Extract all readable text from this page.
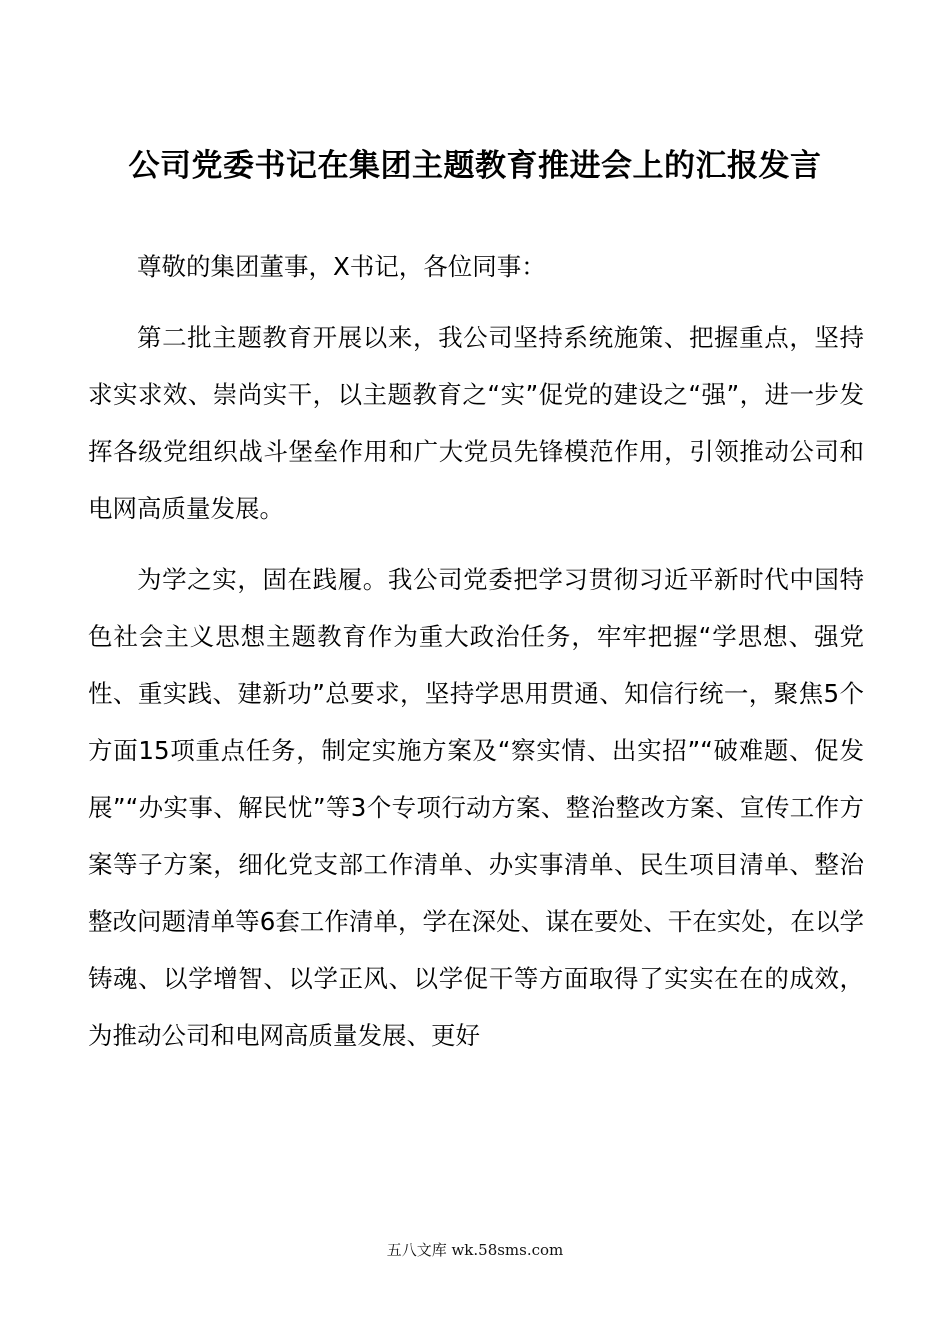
公司党委书记在集团主题教育推进会上的汇报发言

尊敬的集团董事，X书记，各位同事：

第二批主题教育开展以来，我公司坚持系统施策、把握重点，坚持求实求效、崇尚实干，以主题教育之“实”促党的建设之“强”，进一步发挥各级党组织战斗堡垒作用和广大党员先锋模范作用，引领推动公司和电网高质量发展。

为学之实，固在践履。我公司党委把学习贯彻习近平新时代中国特色社会主义思想主题教育作为重大政治任务，牢牢把握“学思想、强党性、重实践、建新功”总要求，坚持学思用贯通、知信行统一，聚焦5个方面15项重点任务，制定实施方案及“察实情、出实招”“破难题、促发展”“办实事、解民忧”等3个专项行动方案、整治整改方案、宣传工作方案等子方案，细化党支部工作清单、办实事清单、民生项目清单、整治整改问题清单等6套工作清单，学在深处、谋在要处、干在实处，在以学铸魂、以学增智、以学正风、以学促干等方面取得了实实在在的成效，为推动公司和电网高质量发展、更好

五八文库 wk.58sms.com
